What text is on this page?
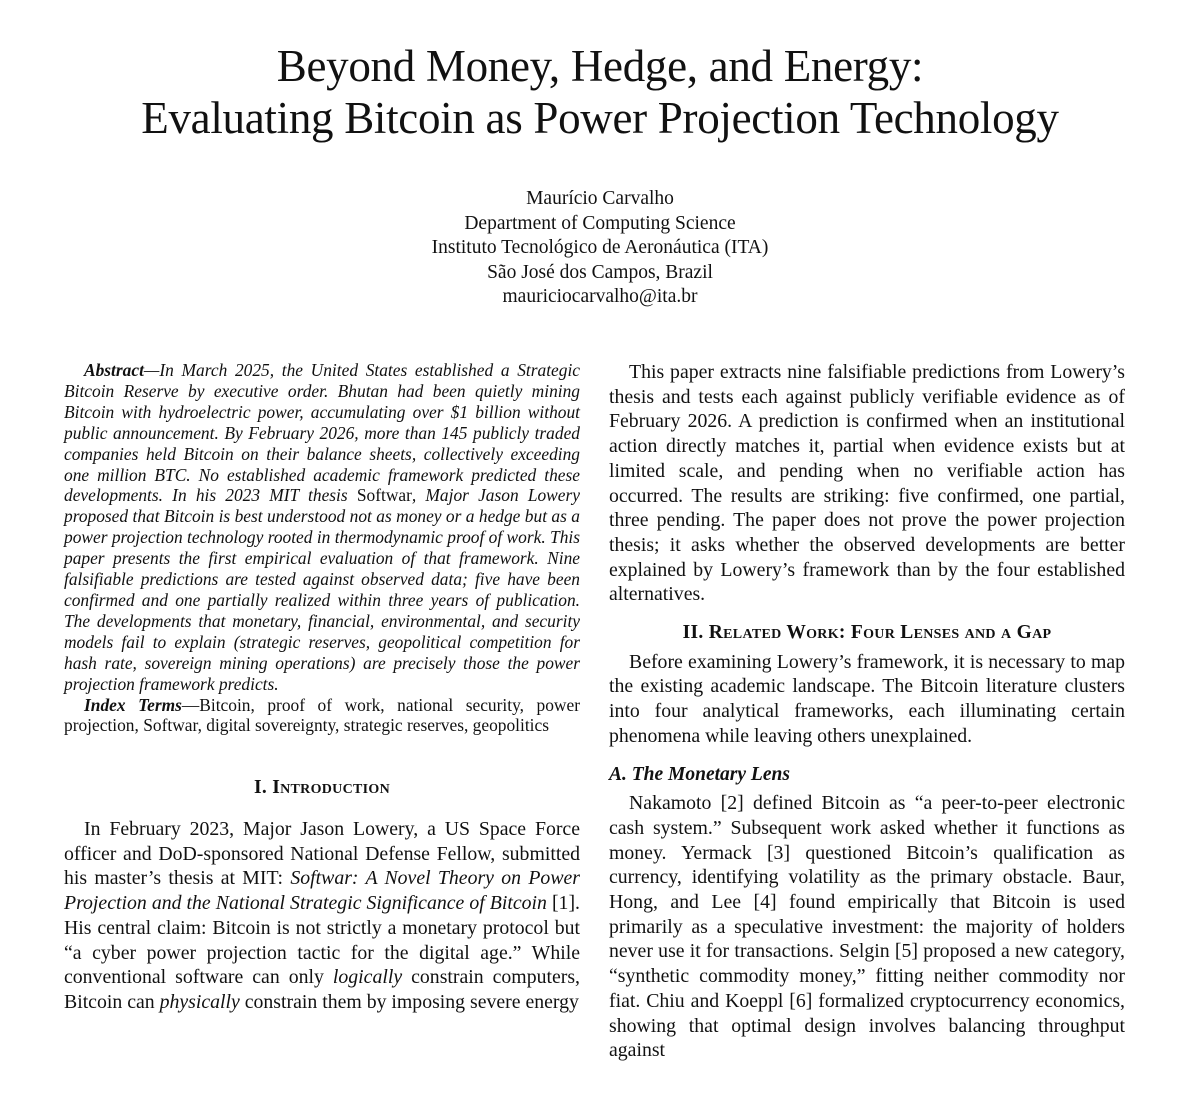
Beyond Money, Hedge, and Energy:
Evaluating Bitcoin as Power Projection Technology
Maurício Carvalho
Department of Computing Science
Instituto Tecnológico de Aeronáutica (ITA)
São José dos Campos, Brazil
mauriciocarvalho@ita.br

Abstract—In March 2025, the United States established a Strategic Bitcoin Reserve by executive order. Bhutan had been quietly mining Bitcoin with hydroelectric power, accumulating over $1 billion without public announcement. By February 2026, more than 145 publicly traded companies held Bitcoin on their balance sheets, collectively exceeding one million BTC. No established academic framework predicted these developments. In his 2023 MIT thesis Softwar, Major Jason Lowery proposed that Bitcoin is best understood not as money or a hedge but as a power projection technology rooted in thermodynamic proof of work. This paper presents the first empirical evaluation of that framework. Nine falsifiable predictions are tested against observed data; five have been confirmed and one partially realized within three years of publication. The developments that monetary, financial, environmental, and security models fail to explain (strategic reserves, geopolitical competition for hash rate, sovereign mining operations) are precisely those the power projection framework predicts.

Index Terms—Bitcoin, proof of work, national security, power projection, Softwar, digital sovereignty, strategic reserves, geopolitics

I. Introduction

In February 2023, Major Jason Lowery, a US Space Force officer and DoD-sponsored National Defense Fellow, submitted his master’s thesis at MIT: Softwar: A Novel Theory on Power Projection and the National Strategic Significance of Bitcoin [1]. His central claim: Bitcoin is not strictly a monetary protocol but “a cyber power projection tactic for the digital age.” While conventional software can only logically constrain computers, Bitcoin can physically constrain them by imposing severe energy

This paper extracts nine falsifiable predictions from Lowery’s thesis and tests each against publicly verifiable evidence as of February 2026. A prediction is confirmed when an institutional action directly matches it, partial when evidence exists but at limited scale, and pending when no verifiable action has occurred. The results are striking: five confirmed, one partial, three pending. The paper does not prove the power projection thesis; it asks whether the observed developments are better explained by Lowery’s framework than by the four established alternatives.

II. Related Work: Four Lenses and a Gap

Before examining Lowery’s framework, it is necessary to map the existing academic landscape. The Bitcoin literature clusters into four analytical frameworks, each illuminating certain phenomena while leaving others unexplained.

A. The Monetary Lens

Nakamoto [2] defined Bitcoin as “a peer-to-peer electronic cash system.” Subsequent work asked whether it functions as money. Yermack [3] questioned Bitcoin’s qualification as currency, identifying volatility as the primary obstacle. Baur, Hong, and Lee [4] found empirically that Bitcoin is used primarily as a speculative investment: the majority of holders never use it for transactions. Selgin [5] proposed a new category, “synthetic commodity money,” fitting neither commodity nor fiat. Chiu and Koeppl [6] formalized cryptocurrency economics, showing that optimal design involves balancing throughput against
